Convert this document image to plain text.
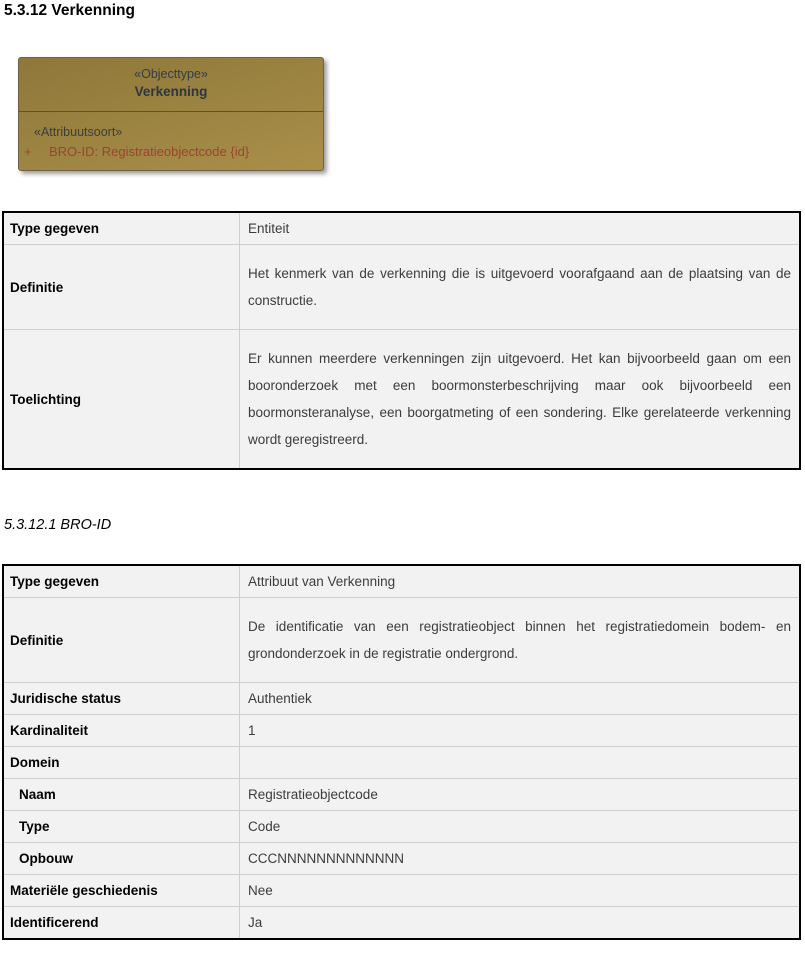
5.3.12 Verkenning
«Objecttype»
Verkenning
«Attribuutsoort»
+ BRO-ID: Registratieobjectcode {id}
Type gegeven	Entiteit
Definitie	Het kenmerk van de verkenning die is uitgevoerd voorafgaand aan de plaatsing van de constructie.
Toelichting	Er kunnen meerdere verkenningen zijn uitgevoerd. Het kan bijvoorbeeld gaan om een booronderzoek met een boormonsterbeschrijving maar ook bijvoorbeeld een boormonsteranalyse, een boorgatmeting of een sondering. Elke gerelateerde verkenning wordt geregistreerd.
5.3.12.1 BRO-ID
Type gegeven	Attribuut van Verkenning
Definitie	De identificatie van een registratieobject binnen het registratiedomein bodem- en grondonderzoek in de registratie ondergrond.
Juridische status	Authentiek
Kardinaliteit	1
Domein	
Naam	Registratieobjectcode
Type	Code
Opbouw	CCCNNNNNNNNNNNNN
Materiële geschiedenis	Nee
Identificerend	Ja
